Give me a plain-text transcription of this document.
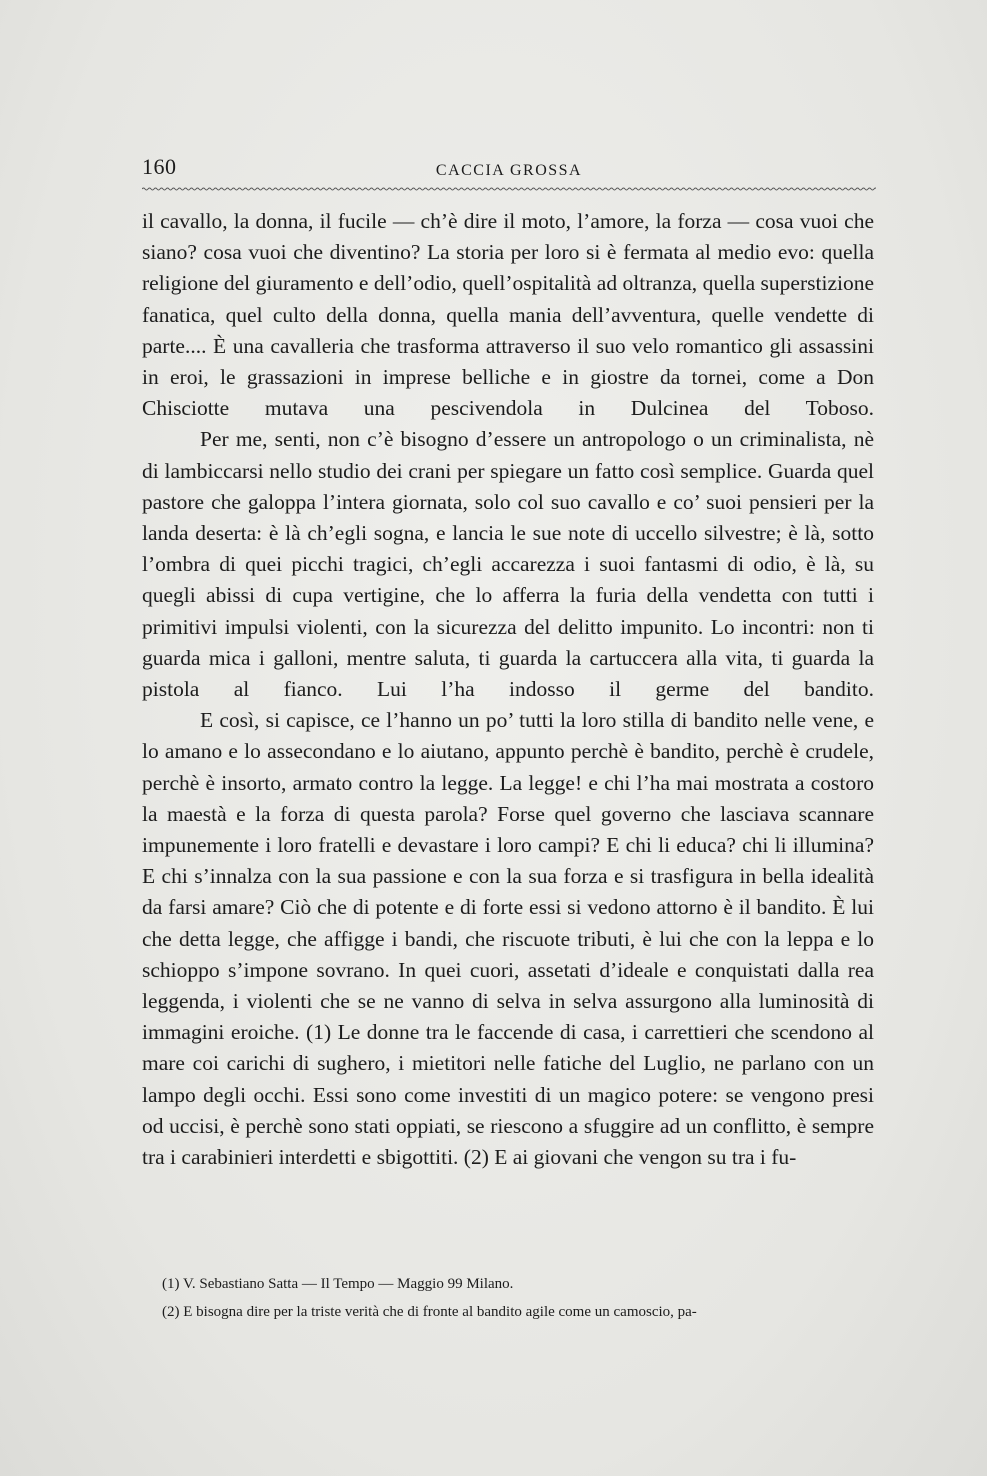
160	CACCIA GROSSA

il cavallo, la donna, il fucile — ch’è dire il moto, l’amore, la forza — cosa vuoi che siano? cosa vuoi che diventino? La storia per loro si è fermata al medio evo: quella religione del giuramento e dell’odio, quell’ospitalità ad oltranza, quella superstizione fanatica, quel culto della donna, quella mania dell’avventura, quelle vendette di parte.... È una cavalleria che trasforma attraverso il suo velo romantico gli assassini in eroi, le grassazioni in imprese belliche e in giostre da tornei, come a Don Chisciotte mutava una pescivendola in Dulcinea del Toboso.

Per me, senti, non c’è bisogno d’essere un antropologo o un criminalista, nè di lambiccarsi nello studio dei crani per spiegare un fatto così semplice. Guarda quel pastore che galoppa l’intera giornata, solo col suo cavallo e co’ suoi pensieri per la landa deserta: è là ch’egli sogna, e lancia le sue note di uccello silvestre; è là, sotto l’ombra di quei picchi tragici, ch’egli accarezza i suoi fantasmi di odio, è là, su quegli abissi di cupa vertigine, che lo afferra la furia della vendetta con tutti i primitivi impulsi violenti, con la sicurezza del delitto impunito. Lo incontri: non ti guarda mica i galloni, mentre saluta, ti guarda la cartuccera alla vita, ti guarda la pistola al fianco. Lui l’ha indosso il germe del bandito.

E così, si capisce, ce l’hanno un po’ tutti la loro stilla di bandito nelle vene, e lo amano e lo assecondano e lo aiutano, appunto perchè è bandito, perchè è crudele, perchè è insorto, armato contro la legge. La legge! e chi l’ha mai mostrata a costoro la maestà e la forza di questa parola? Forse quel governo che lasciava scannare impunemente i loro fratelli e devastare i loro campi? E chi li educa? chi li illumina? E chi s’innalza con la sua passione e con la sua forza e si trasfigura in bella idealità da farsi amare? Ciò che di potente e di forte essi si vedono attorno è il bandito. È lui che detta legge, che affigge i bandi, che riscuote tributi, è lui che con la leppa e lo schioppo s’impone sovrano. In quei cuori, assetati d’ideale e conquistati dalla rea leggenda, i violenti che se ne vanno di selva in selva assurgono alla luminosità di immagini eroiche. (1) Le donne tra le faccende di casa, i carrettieri che scendono al mare coi carichi di sughero, i mietitori nelle fatiche del Luglio, ne parlano con un lampo degli occhi. Essi sono come investiti di un magico potere: se vengono presi od uccisi, è perchè sono stati oppiati, se riescono a sfuggire ad un conflitto, è sempre tra i carabinieri interdetti e sbigottiti. (2) E ai giovani che vengon su tra i fu-

(1) V. Sebastiano Satta — Il Tempo — Maggio 99 Milano.

(2) E bisogna dire per la triste verità che di fronte al bandito agile come un camoscio, pa-
